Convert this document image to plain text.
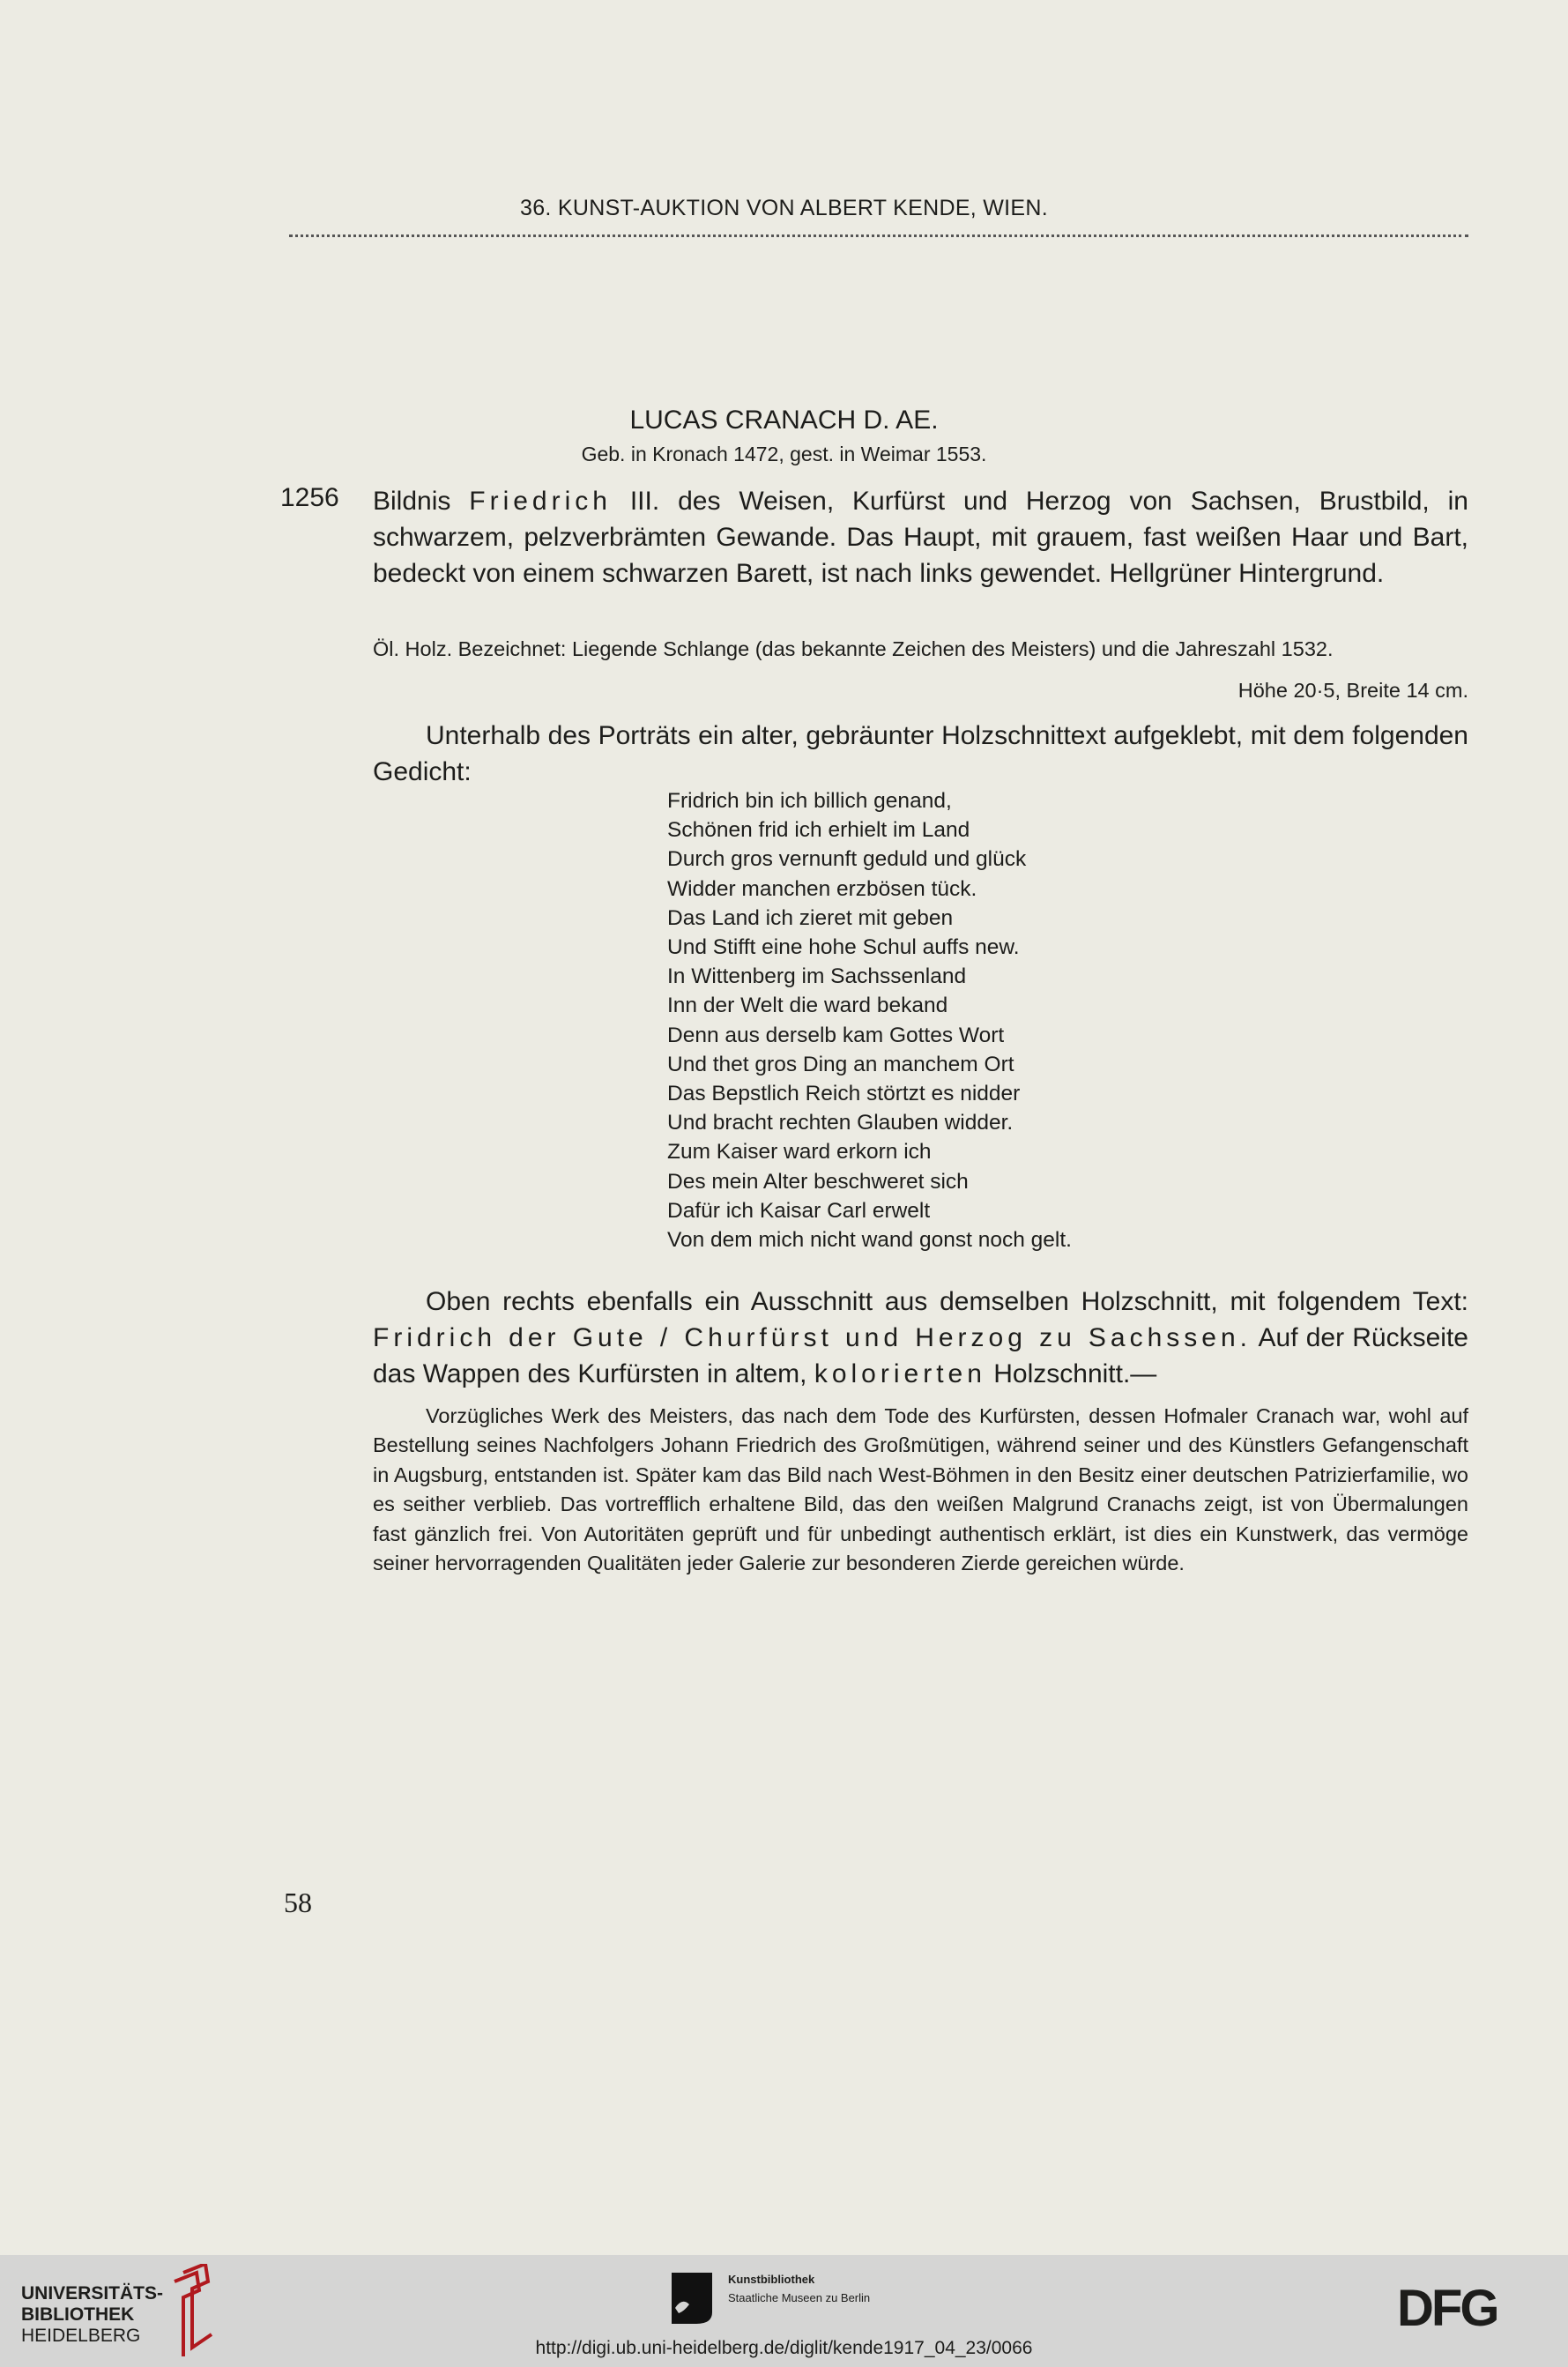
36. KUNST-AUKTION VON ALBERT KENDE, WIEN.
LUCAS CRANACH D. AE.
Geb. in Kronach 1472, gest. in Weimar 1553.
1256 Bildnis Friedrich III. des Weisen, Kurfürst und Herzog von Sachsen, Brustbild, in schwarzem, pelzverbrämten Gewande. Das Haupt, mit grauem, fast weißen Haar und Bart, bedeckt von einem schwarzen Barett, ist nach links gewendet. Hellgrüner Hintergrund.
Öl. Holz. Bezeichnet: Liegende Schlange (das bekannte Zeichen des Meisters) und die Jahreszahl 1532.
Höhe 20·5, Breite 14 cm.
Unterhalb des Porträts ein alter, gebräunter Holzschnittext aufgeklebt, mit dem folgenden Gedicht:
Fridrich bin ich billich genand,
Schönen frid ich erhielt im Land
Durch gros vernunft geduld und glück
Widder manchen erzbösen tück.
Das Land ich zieret mit geben
Und Stifft eine hohe Schul auffs new.
In Wittenberg im Sachssenland
Inn der Welt die ward bekand
Denn aus derselb kam Gottes Wort
Und thet gros Ding an manchem Ort
Das Bepstlich Reich störtzt es nidder
Und bracht rechten Glauben widder.
Zum Kaiser ward erkorn ich
Des mein Alter beschweret sich
Dafür ich Kaisar Carl erwelt
Von dem mich nicht wand gonst noch gelt.
Oben rechts ebenfalls ein Ausschnitt aus demselben Holzschnitt, mit folgendem Text: Fridrich der Gute / Churfürst und Herzog zu Sachssen. Auf der Rückseite das Wappen des Kurfürsten in altem, kolorierten Holzschnitt.—
Vorzügliches Werk des Meisters, das nach dem Tode des Kurfürsten, dessen Hofmaler Cranach war, wohl auf Bestellung seines Nachfolgers Johann Friedrich des Großmütigen, während seiner und des Künstlers Gefangenschaft in Augsburg, entstanden ist. Später kam das Bild nach West-Böhmen in den Besitz einer deutschen Patrizierfamilie, wo es seither verblieb. Das vortrefflich erhaltene Bild, das den weißen Malgrund Cranachs zeigt, ist von Übermalungen fast gänzlich frei. Von Autoritäten geprüft und für unbedingt authentisch erklärt, ist dies ein Kunstwerk, das vermöge seiner hervorragenden Qualitäten jeder Galerie zur besonderen Zierde gereichen würde.
58
UNIVERSITÄTS-
BIBLIOTHEK
HEIDELBERG
Kunstbibliothek
Staatliche Museen zu Berlin	DFG
http://digi.ub.uni-heidelberg.de/diglit/kende1917_04_23/0066
